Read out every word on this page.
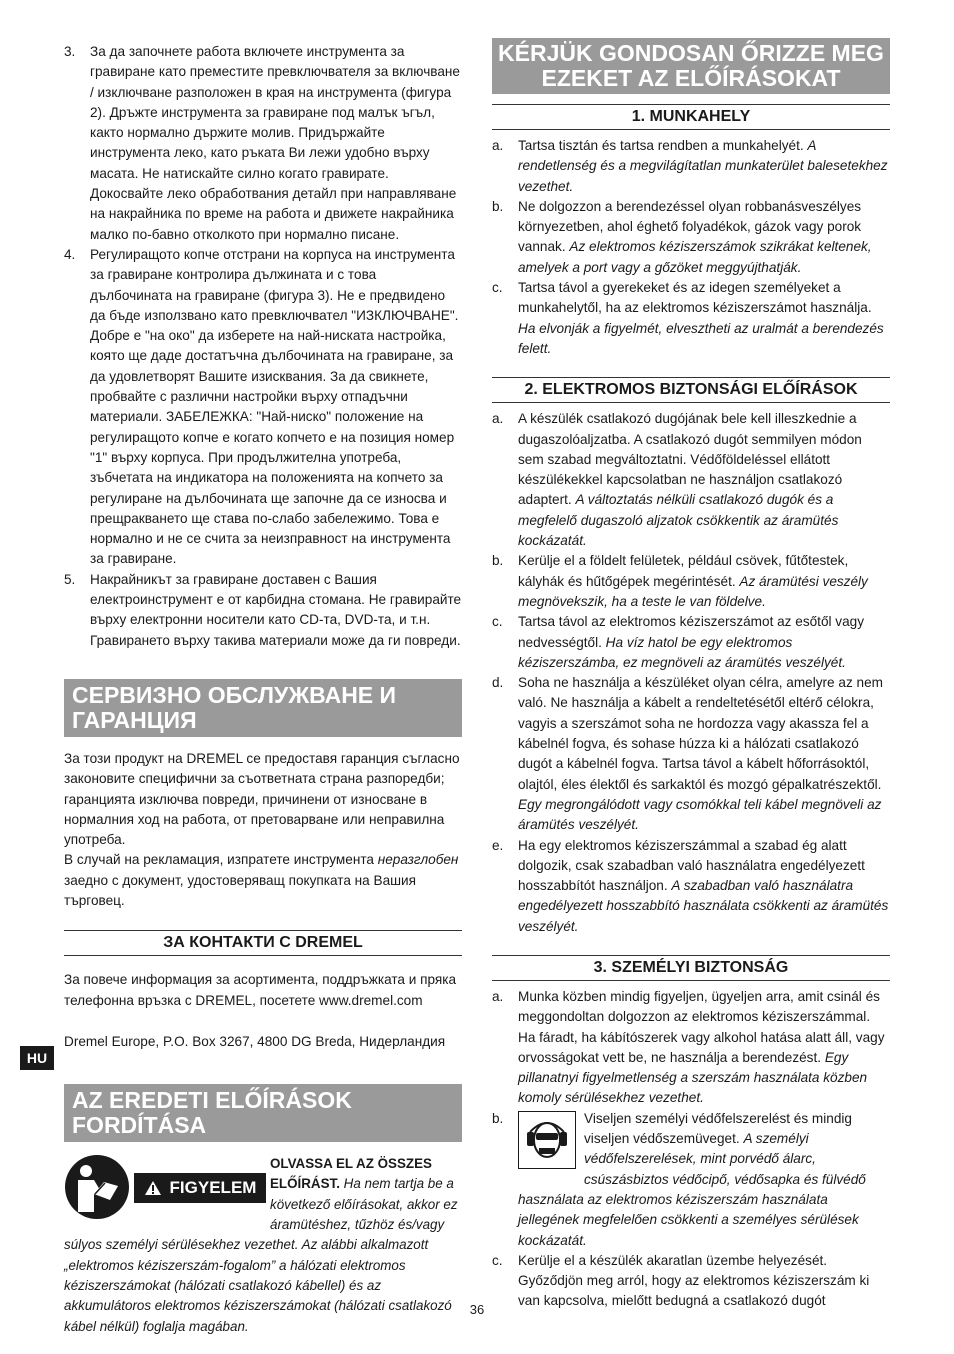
3.	За да започнете работа включете инструмента за гравиране като преместите превключвателя за включване / изключване разположен в края на инструмента (фигура 2). Дръжте инструмента за гравиране под малък ъгъл, както нормално държите молив. Придържайте инструмента леко, като ръката Ви лежи удобно върху масата. Не натискайте силно когато гравирате. Докосвайте леко обработвания детайл при направляване на накрайника по време на работа и движете накрайника малко по-бавно отколкото при нормално писане.
4.	Регулиращото копче отстрани на корпуса на инструмента за гравиране контролира дължината и с това дълбочината на гравиране (фигура 3). Не е предвидено да бъде използвано като превключвател "ИЗКЛЮЧВАНЕ". Добре е "на око" да изберете на най-ниската настройка, която ще даде достатъчна дълбочината на гравиране, за да удовлетворят Вашите изисквания. За да свикнете, пробвайте с различни настройки върху отпадъчни материали. ЗАБЕЛЕЖКА: "Най-ниско" положение на регулиращото копче е когато копчето е на позиция номер "1" върху корпуса. При продължителна употреба, зъбчетата на индикатора на положенията на копчето за регулиране на дълбочината ще започне да се износва и прещракването ще става по-слабо забележимо. Това е нормално и не се счита за неизправност на инструмента за гравиране.
5.	Накрайникът за гравиране доставен с Вашия електроинструмент е от карбидна стомана. Не гравирайте върху електронни носители като CD-та, DVD-та, и т.н. Гравирането върху такива материали може да ги повреди.
СЕРВИЗНО ОБСЛУЖВАНЕ И ГАРАНЦИЯ

За този продукт на DREMEL се предоставя гаранция съгласно законовите специфични за съответната страна разпоредби; гаранцията изключва повреди, причинени от износване в нормалния ход на работа, от претоварване или неправилна употреба.

В случай на рекламация, изпратете инструмента неразглобен заедно с документ, удостоверяващ покупката на Вашия търговец.

ЗА КОНТАКТИ С DREMEL

За повече информация за асортимента, поддръжката и пряка телефонна връзка с DREMEL, посетете www.dremel.com

Dremel Europe, P.O. Box 3267, 4800 DG Breda, Нидерландия

AZ EREDETI ELŐÍRÁSOK FORDÍTÁSA
FIGYELEM

OLVASSA EL AZ ÖSSZES ELŐÍRÁST. Ha nem tartja be a következő előírásokat, akkor ez áramütéshez, tűzhöz és/vagy súlyos személyi sérülésekhez vezethet. Az alábbi alkalmazott „elektromos kéziszerszám-fogalom” a hálózati elektromos kéziszerszámokat (hálózati csatlakozó kábellel) és az akkumulátoros elektromos kéziszerszámokat (hálózati csatlakozó kábel nélkül) foglalja magában.

HU
KÉRJÜK GONDOSAN ŐRIZZE MEG EZEKET AZ ELŐÍRÁSOKAT
1. MUNKAHELY
a.	Tartsa tisztán és tartsa rendben a munkahelyét. A rendetlenség és a megvilágítatlan munkaterület balesetekhez vezethet.
b.	Ne dolgozzon a berendezéssel olyan robbanásveszélyes környezetben, ahol éghető folyadékok, gázok vagy porok vannak. Az elektromos kéziszerszámok szikrákat keltenek, amelyek a port vagy a gőzöket meggyújthatják.
c.	Tartsa távol a gyerekeket és az idegen személyeket a munkahelytől, ha az elektromos kéziszerszámot használja. Ha elvonják a figyelmét, elvesztheti az uralmát a berendezés felett.
2. ELEKTROMOS BIZTONSÁGI ELŐÍRÁSOK
a.	A készülék csatlakozó dugójának bele kell illeszkednie a dugaszolóaljzatba. A csatlakozó dugót semmilyen módon sem szabad megváltoztatni. Védőföldeléssel ellátott készülékekkel kapcsolatban ne használjon csatlakozó adaptert. A változtatás nélküli csatlakozó dugók és a megfelelő dugaszoló aljzatok csökkentik az áramütés kockázatát.
b.	Kerülje el a földelt felületek, például csövek, fűtőtestek, kályhák és hűtőgépek megérintését. Az áramütési veszély megnövekszik, ha a teste le van földelve.
c.	Tartsa távol az elektromos kéziszerszámot az esőtől vagy nedvességtől. Ha víz hatol be egy elektromos kéziszerszámba, ez megnöveli az áramütés veszélyét.
d.	Soha ne használja a készüléket olyan célra, amelyre az nem való. Ne használja a kábelt a rendeltetésétől eltérő célokra, vagyis a szerszámot soha ne hordozza vagy akassza fel a kábelnél fogva, és sohase húzza ki a hálózati csatlakozó dugót a kábelnél fogva. Tartsa távol a kábelt hőforrásoktól, olajtól, éles élektől és sarkaktól és mozgó gépalkatrészektől. Egy megrongálódott vagy csomókkal teli kábel megnöveli az áramütés veszélyét.
e.	Ha egy elektromos kéziszerszámmal a szabad ég alatt dolgozik, csak szabadban való használatra engedélyezett hosszabbítót használjon. A szabadban való használatra engedélyezett hosszabbító használata csökkenti az áramütés veszélyét.
3. SZEMÉLYI BIZTONSÁG
a.	Munka közben mindig figyeljen, ügyeljen arra, amit csinál és meggondoltan dolgozzon az elektromos kéziszerszámmal. Ha fáradt, ha kábítószerek vagy alkohol hatása alatt áll, vagy orvosságokat vett be, ne használja a berendezést. Egy pillanatnyi figyelmetlenség a szerszám használata közben komoly sérülésekhez vezethet.
b.	Viseljen személyi védőfelszerelést és mindig viseljen védőszemüveget. A személyi védőfelszerelések, mint porvédő álarc, csúszásbiztos védőcipő, védősapka és fülvédő használata az elektromos kéziszerszám használata jellegének megfelelően csökkenti a személyes sérülések kockázatát.
c.	Kerülje el a készülék akaratlan üzembe helyezését. Győződjön meg arról, hogy az elektromos kéziszerszám ki van kapcsolva, mielőtt bedugná a csatlakozó dugót
36
